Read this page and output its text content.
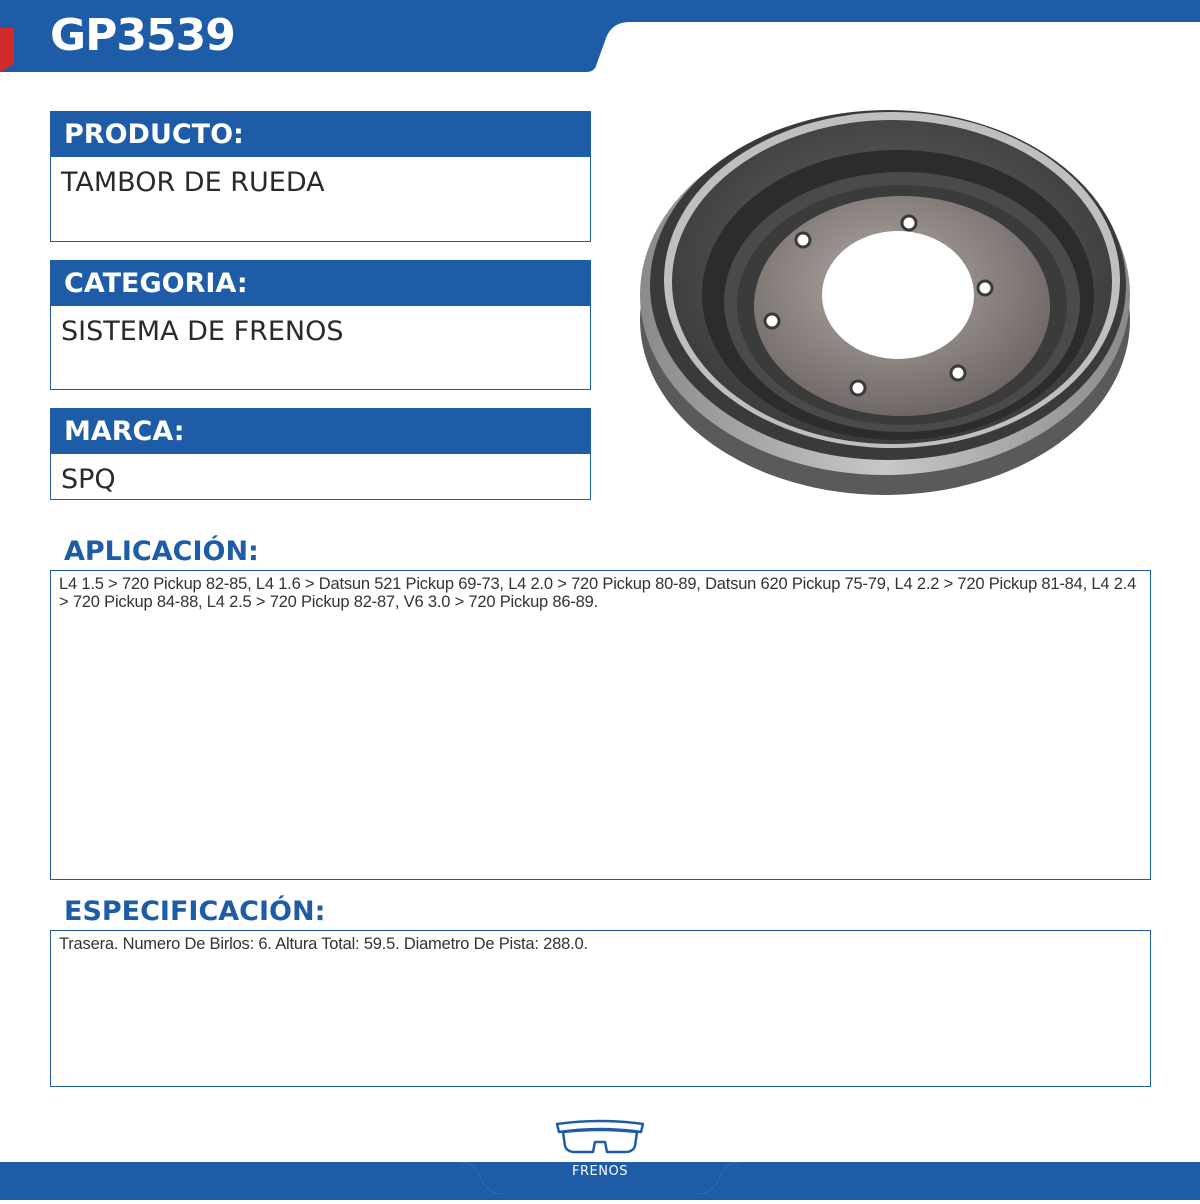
GP3539
PRODUCTO:
TAMBOR DE RUEDA
CATEGORIA:
SISTEMA DE FRENOS
MARCA:
SPQ
APLICACIÓN:
L4 1.5 > 720 Pickup 82-85, L4 1.6 > Datsun 521 Pickup 69-73, L4 2.0 > 720 Pickup 80-89, Datsun 620 Pickup 75-79, L4 2.2 > 720 Pickup 81-84, L4 2.4 > 720 Pickup 84-88, L4 2.5 > 720 Pickup 82-87, V6 3.0 > 720 Pickup 86-89.
ESPECIFICACIÓN:
Trasera. Numero De Birlos: 6. Altura Total: 59.5. Diametro De Pista: 288.0.
FRENOS
